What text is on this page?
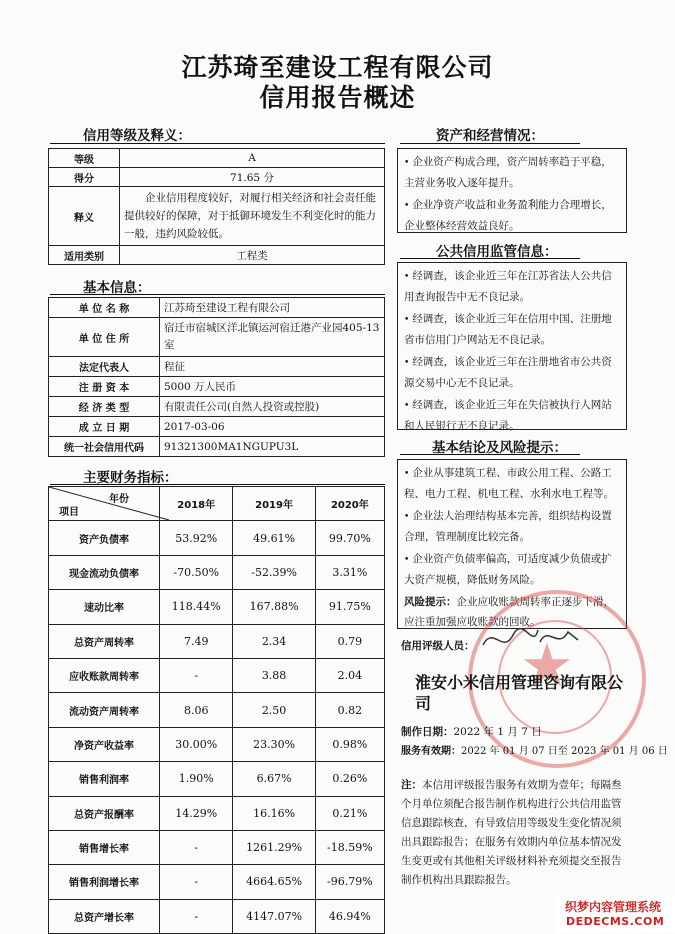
江苏琦至建设工程有限公司
信用报告概述
信用等级及释义：
等级	A
得分	71.65 分
释义	企业信用程度较好，对履行相关经济和社会责任能提供较好的保障，对于抵御环境发生不利变化时的能力一般，违约风险较低。
适用类别	工程类
基本信息：
单 位 名 称	江苏琦至建设工程有限公司
单 位 住 所	宿迁市宿城区洋北镇运河宿迁港产业园405-13 室
法定代表人	程征
注 册 资 本	5000 万人民币
经 济 类 型	有限责任公司(自然人投资或控股)
成 立 日 期	2017-03-06
统一社会信用代码	91321300MA1NGUPU3L
主要财务指标：
年份
项目	2018年	2019年	2020年
资产负债率	53.92%	49.61%	99.70%
现金流动负债率	-70.50%	-52.39%	3.31%
速动比率	118.44%	167.88%	91.75%
总资产周转率	7.49	2.34	0.79
应收账款周转率	-	3.88	2.04
流动资产周转率	8.06	2.50	0.82
净资产收益率	30.00%	23.30%	0.98%
销售利润率	1.90%	6.67%	0.26%
总资产报酬率	14.29%	16.16%	0.21%
销售增长率	-	1261.29%	-18.59%
销售利润增长率	-	4664.65%	-96.79%
总资产增长率	-	4147.07%	46.94%
资产和经营情况：

• 企业资产构成合理，资产周转率趋于平稳，主营业务收入逐年提升。

• 企业净资产收益和业务盈利能力合理增长，企业整体经营效益良好。

公共信用监管信息：

• 经调查，该企业近三年在江苏省法人公共信用查询报告中无不良记录。

• 经调查，该企业近三年在信用中国、注册地省市信用门户网站无不良记录。

• 经调查，该企业近三年在注册地省市公共资源交易中心无不良记录。

• 经调查，该企业近三年在失信被执行人网站和人民银行无不良记录。

基本结论及风险提示：

• 企业从事建筑工程、市政公用工程、公路工程、电力工程、机电工程、水利水电工程等。

• 企业法人治理结构基本完善，组织结构设置合理，管理制度比较完备。

• 企业资产负债率偏高，可适度减少负债或扩大资产规模，降低财务风险。

风险提示：企业应收账款周转率正逐步下滑，应注重加强应收账款的回收。

★
信用评级人员：
淮安小米信用管理咨询有限公司
制作日期：2022 年 1 月 7 日
服务有效期：2022 年 01 月 07 日至 2023 年 01 月 06 日
注：本信用评级报告服务有效期为壹年；每隔叁个月单位须配合报告制作机构进行公共信用监管信息跟踪核查，有导致信用等级发生变化情况须出具跟踪报告；在服务有效期内单位基本情况发生变更或有其他相关评级材料补充须提交至报告制作机构出具跟踪报告。
织梦内容管理系统
DEDECMS.COM
